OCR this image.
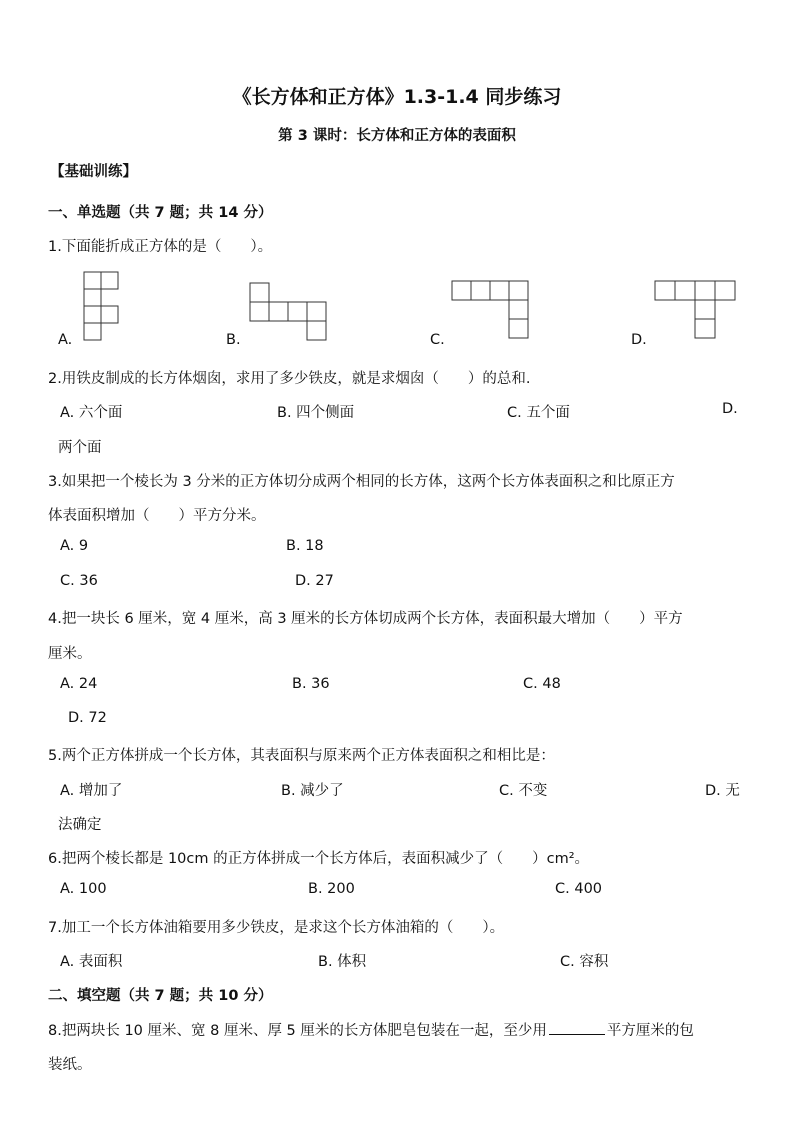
《长方体和正方体》1.3-1.4 同步练习
第 3 课时：长方体和正方体的表面积
【基础训练】
一、单选题（共 7 题；共 14 分）
1.下面能折成正方体的是（　　）。
A.	B.	C.	D.
2.用铁皮制成的长方体烟囱，求用了多少铁皮，就是求烟囱（　　）的总和.
A. 六个面	B. 四个侧面	C. 五个面	D.
两个面
3.如果把一个棱长为 3 分米的正方体切分成两个相同的长方体，这两个长方体表面积之和比原正方
体表面积增加（　　）平方分米。
A. 9	B. 18
C. 36	D. 27
4.把一块长 6 厘米，宽 4 厘米，高 3 厘米的长方体切成两个长方体，表面积最大增加（　　）平方
厘米。
A. 24	B. 36	C. 48
D. 72
5.两个正方体拼成一个长方体，其表面积与原来两个正方体表面积之和相比是：
A. 增加了	B. 减少了	C. 不变	D. 无
法确定
6.把两个棱长都是 10cm 的正方体拼成一个长方体后，表面积减少了（　　）cm²。
A. 100	B. 200	C. 400
7.加工一个长方体油箱要用多少铁皮，是求这个长方体油箱的（　　）。
A. 表面积	B. 体积	C. 容积
二、填空题（共 7 题；共 10 分）
8.把两块长 10 厘米、宽 8 厘米、厚 5 厘米的长方体肥皂包装在一起，至少用	平方厘米的包
装纸。
